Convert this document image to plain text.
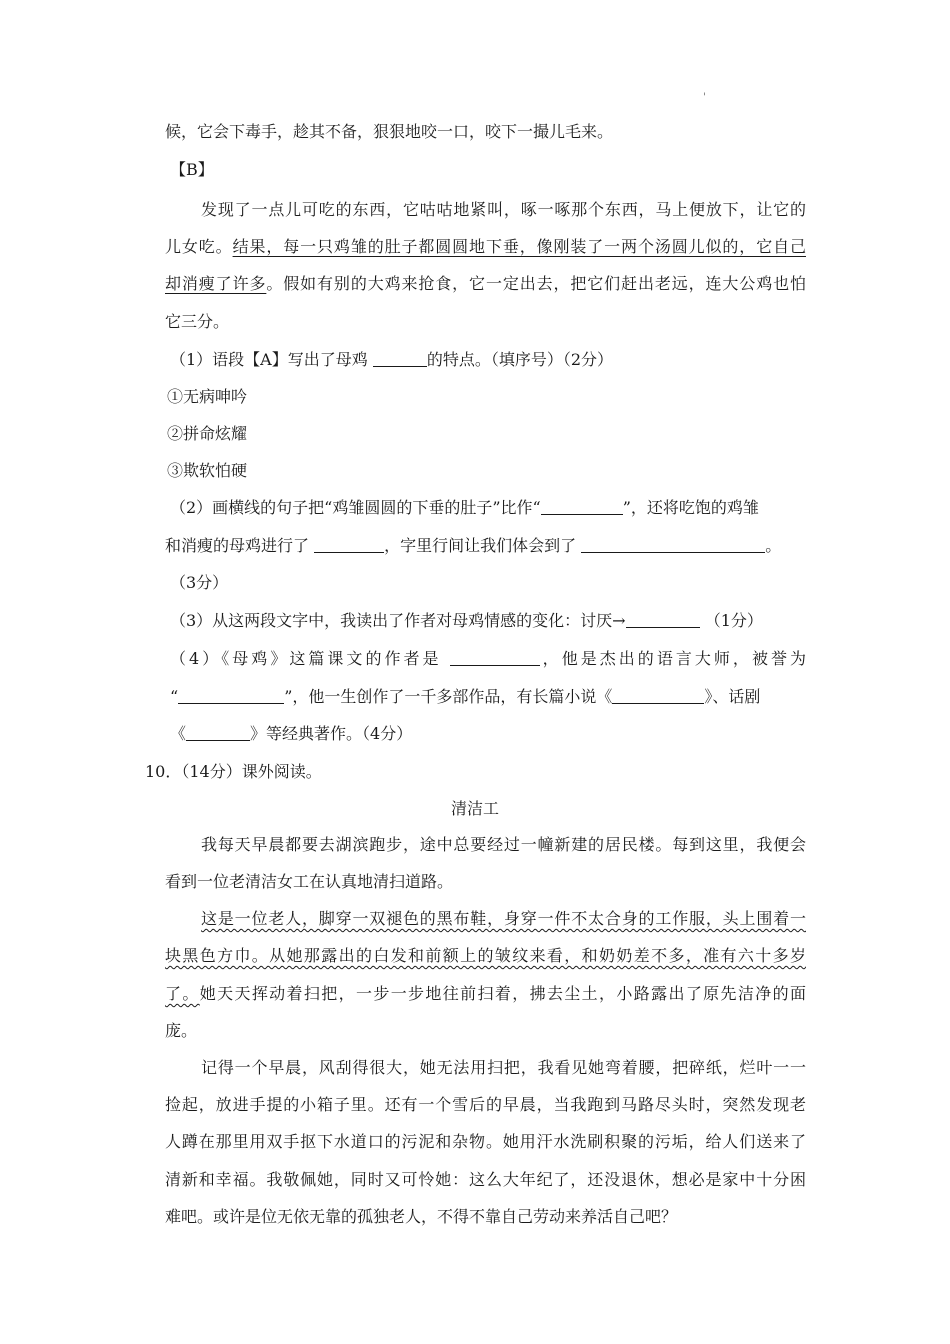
'
候，它会下毒手，趁其不备，狠狠地咬一口，咬下一撮儿毛来。
【B】
发现了一点儿可吃的东西，它咕咕地紧叫，啄一啄那个东西，马上便放下，让它的
儿女吃。结果，每一只鸡雏的肚子都圆圆地下垂，像刚装了一两个汤圆儿似的，它自己
却消瘦了许多。假如有别的大鸡来抢食，它一定出去，把它们赶出老远，连大公鸡也怕
它三分。
（1）语段【A】写出了母鸡	的特点。（填序号）（2分）
①无病呻吟
②拼命炫耀
③欺软怕硬
（2）画横线的句子把“鸡雏圆圆的下垂的肚子”比作“	”，还将吃饱的鸡雏
和消瘦的母鸡进行了	，字里行间让我们体会到了	。
（3分）
（3）从这两段文字中，我读出了作者对母鸡情感的变化：讨厌→	（1分）
（4）《母鸡》这篇课文的作者是	，他是杰出的语言大师，被誉为
“	”，他一生创作了一千多部作品，有长篇小说《	》、话剧
《	》等经典著作。（4分）
10．（14分）课外阅读。
清洁工
我每天早晨都要去湖滨跑步，途中总要经过一幢新建的居民楼。每到这里，我便会
看到一位老清洁女工在认真地清扫道路。
这是一位老人，脚穿一双褪色的黑布鞋，身穿一件不太合身的工作服，头上围着一
块黑色方巾。从她那露出的白发和前额上的皱纹来看，和奶奶差不多，准有六十多岁
了。她天天挥动着扫把，一步一步地往前扫着，拂去尘土，小路露出了原先洁净的面
庞。
记得一个早晨，风刮得很大，她无法用扫把，我看见她弯着腰，把碎纸，烂叶一一
捡起，放进手提的小箱子里。还有一个雪后的早晨，当我跑到马路尽头时，突然发现老
人蹲在那里用双手抠下水道口的污泥和杂物。她用汗水洗刷积聚的污垢，给人们送来了
清新和幸福。我敬佩她，同时又可怜她：这么大年纪了，还没退休，想必是家中十分困
难吧。或许是位无依无靠的孤独老人，不得不靠自己劳动来养活自己吧？
